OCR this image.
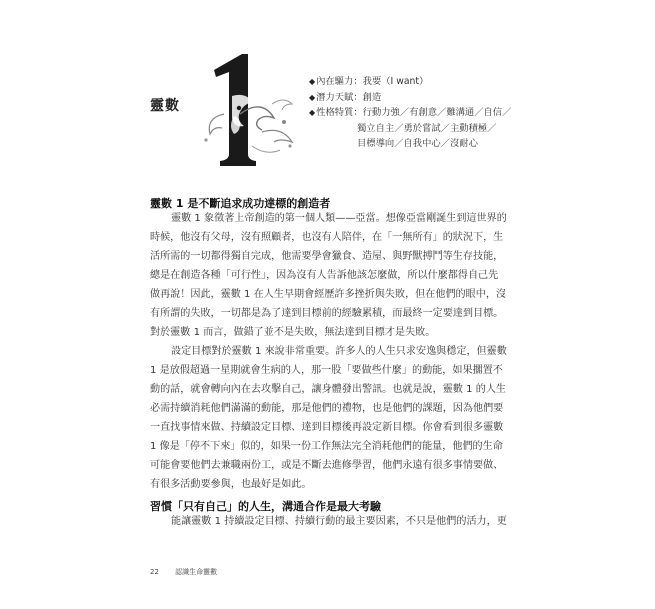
靈數
◆內在驅力：我要（I want）
◆潛力天賦：創造
◆性格特質：行動力強／有創意／難溝通／自信／
獨立自主／勇於嘗試／主動積極／
目標導向／自我中心／沒耐心
靈數 1 是不斷追求成功達標的創造者
靈數 1 象徵著上帝創造的第一個人類——亞當。想像亞當剛誕生到這世界的
時候，他沒有父母，沒有照顧者，也沒有人陪伴，在「一無所有」的狀況下，生
活所需的一切都得獨自完成，他需要學會獵食、造屋、與野獸搏鬥等生存技能，
總是在創造各種「可行性」，因為沒有人告訴他該怎麼做，所以什麼都得自己先
做再說！因此，靈數 1 在人生早期會經歷許多挫折與失敗，但在他們的眼中，沒
有所謂的失敗，一切都是為了達到目標前的經驗累積，而最終一定要達到目標。
對於靈數 1 而言，做錯了並不是失敗，無法達到目標才是失敗。
設定目標對於靈數 1 來說非常重要。許多人的人生只求安逸與穩定，但靈數
1 是放假超過一星期就會生病的人，那一股「要做些什麼」的動能，如果擱置不
動的話，就會轉向內在去攻擊自己，讓身體發出警訊。也就是說，靈數 1 的人生
必需持續消耗他們滿滿的動能，那是他們的禮物，也是他們的課題，因為他們要
一直找事情來做、持續設定目標、達到目標後再設定新目標。你會看到很多靈數
1 像是「停不下來」似的，如果一份工作無法完全消耗他們的能量，他們的生命
可能會要他們去兼職兩份工，或是不斷去進修學習，他們永遠有很多事情要做、
有很多活動要參與，也最好是如此。
習慣「只有自己」的人生，溝通合作是最大考驗
能讓靈數 1 持續設定目標、持續行動的最主要因素，不只是他們的活力，更
22 認識生命靈數
